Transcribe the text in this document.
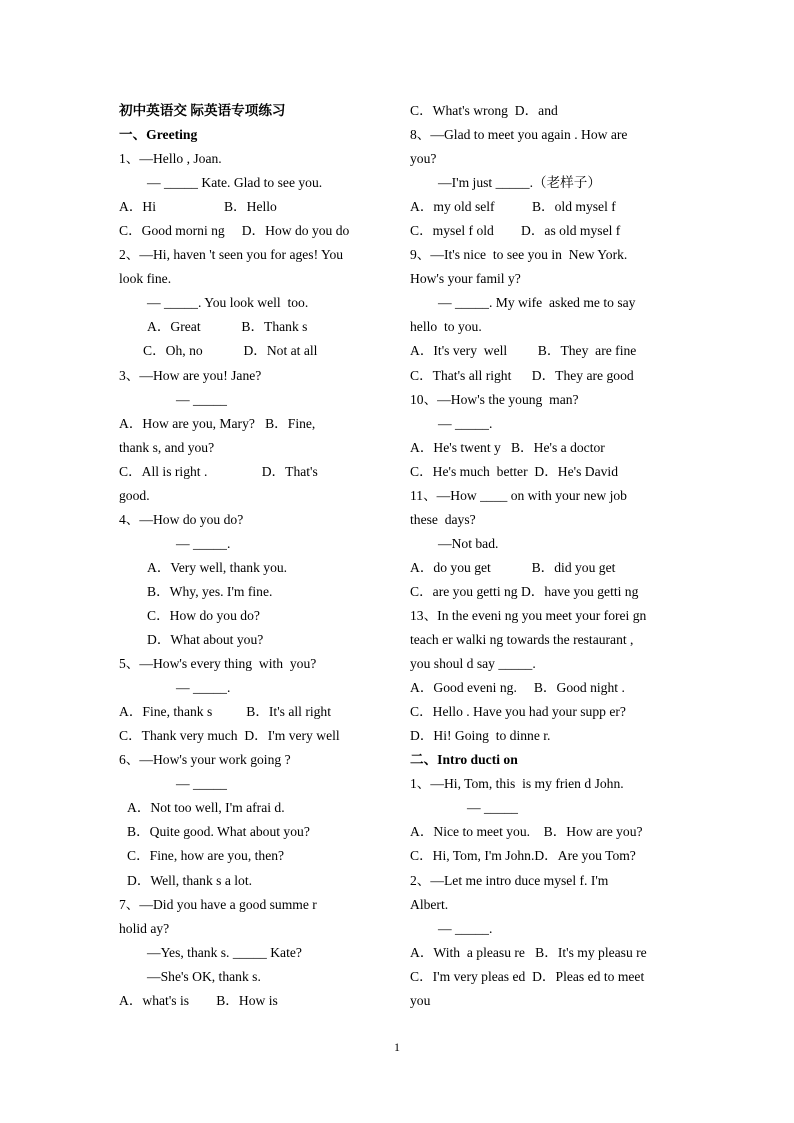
初中英语交 际英语专项练习
一、Greeting
1、—Hello , Joan.
— _____ Kate. Glad to see you.
A．Hi                    B．Hello
C．Good morni ng     D．How do you do
2、—Hi, haven 't seen you for ages! You
look fine.
— _____. You look well  too.
A．Great            B．Thank s
C．Oh, no            D．Not at all
3、—How are you! Jane?
— _____
A．How are you, Mary?   B．Fine,
thank s, and you?
C．All is right .                D．That's
good.
4、—How do you do?
— _____.
A．Very well, thank you.
B．Why, yes. I'm fine.
C．How do you do?
D．What about you?
5、—How's every thing  with  you?
— _____.
A．Fine, thank s          B．It's all right
C．Thank very much  D．I'm very well
6、—How's your work going ?
— _____
A．Not too well, I'm afrai d.
B．Quite good. What about you?
C．Fine, how are you, then?
D．Well, thank s a lot.
7、—Did you have a good summe r
holid ay?
—Yes, thank s. _____ Kate?
—She's OK, thank s.
A．what's is        B．How is
C．What's wrong  D．and
8、—Glad to meet you again . How are
you?
—I'm just _____.（老样子）
A．my old self           B．old mysel f
C．mysel f old        D．as old mysel f
9、—It's nice  to see you in  New York.
How's your famil y?
— _____. My wife  asked me to say
hello  to you.
A．It's very  well         B．They  are fine
C．That's all right      D．They are good
10、—How's the young  man?
— _____.
A．He's twent y   B．He's a doctor
C．He's much  better  D．He's David
11、—How ____ on with your new job
these  days?
—Not bad.
A．do you get            B．did you get
C．are you getti ng D．have you getti ng
13、In the eveni ng you meet your forei gn
teach er walki ng towards the restaurant ,
you shoul d say _____.
A．Good eveni ng.     B．Good night .
C．Hello . Have you had your supp er?
D．Hi! Going  to dinne r.
二、Intro ducti on
1、—Hi, Tom, this  is my frien d John.
— _____
A．Nice to meet you.    B．How are you?
C．Hi, Tom, I'm John.D．Are you Tom?
2、—Let me intro duce mysel f. I'm
Albert.
— _____.
A．With  a pleasu re   B．It's my pleasu re
C．I'm very pleas ed  D．Pleas ed to meet
you
1
